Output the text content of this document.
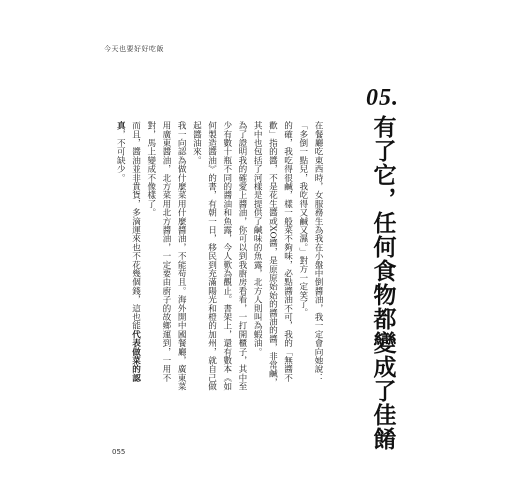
今天也要好好吃飯
05.有了它，任何食物都變成了佳餚

在餐廳吃東西時，女服務生為我在小盤中倒醬油，我一定會向她說：「多倒一點兒，我吃得又鹹又濕。」對方一定笑了。

的確，我吃得很鹹，樣一般菜不夠味，必點醬油不可，我的「無醬不歡」指的醬，不是花生醬或XO醬，是原原始始的醬油的醬，非常鹹，其中也包括了河樣是提供了鹹味的魚露，北方人則叫為蝦油。

為了證明我的確愛上醬油，你可以到我廚房看看，一打開櫃子，其中至少有數十瓶不同的醬油和魚露，今人歎為觀止。書架上，還有數本《如何製造醬油》的書，有朝一日，移民到充滿陽光和橙的加州，就自己做起醬油來。

我一向認為做什麼菜用什麼醬油，不能苟且。海外開中國餐廳，廣東菜用廣東醬油，北方菜用北方醬油，一定要由廚子的故鄉運到，一用不對，馬上變成不像樣了。

而且，醬油並非貴貨，多滴運來也不花幾個錢，這也能代表做菜的認真，不可缺少。

055
